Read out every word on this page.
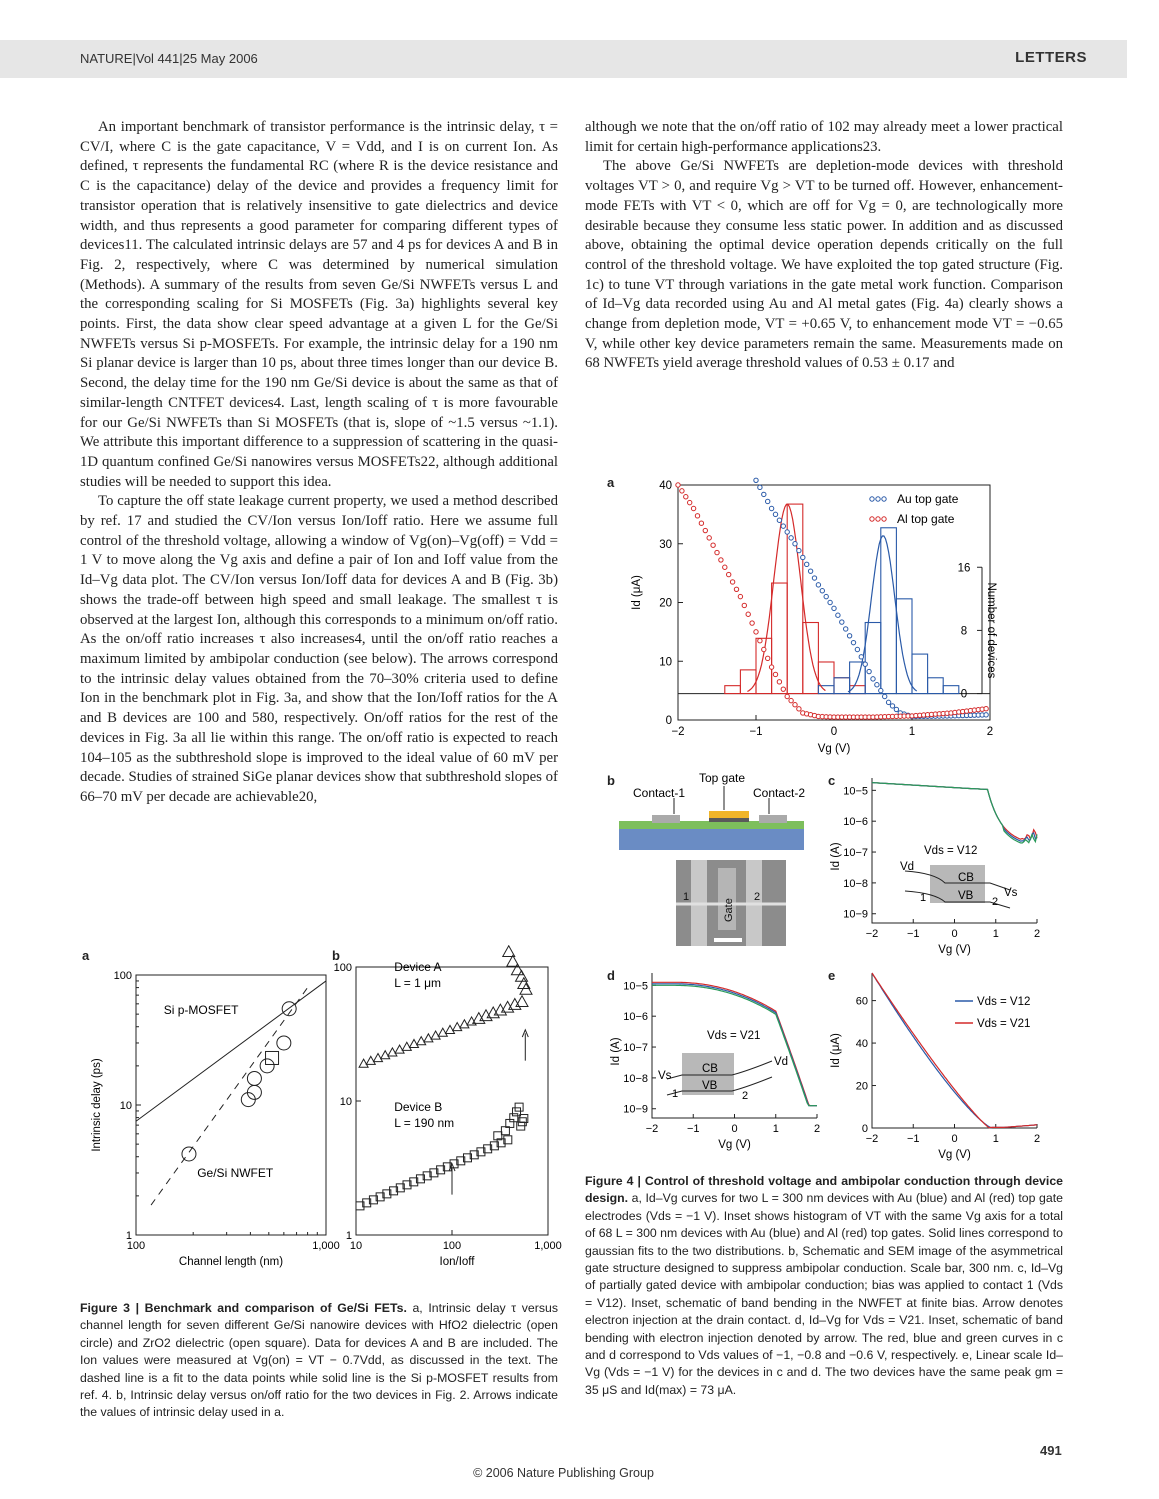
NATURE|Vol 441|25 May 2006	LETTERS

An important benchmark of transistor performance is the intrinsic delay, τ = CV/I, where C is the gate capacitance, V = Vdd, and I is on current Ion. As defined, τ represents the fundamental RC (where R is the device resistance and C is the capacitance) delay of the device and provides a frequency limit for transistor operation that is relatively insensitive to gate dielectrics and device width, and thus represents a good parameter for comparing different types of devices11. The calculated intrinsic delays are 57 and 4 ps for devices A and B in Fig. 2, respectively, where C was determined by numerical simulation (Methods). A summary of the results from seven Ge/Si NWFETs versus L and the corresponding scaling for Si MOSFETs (Fig. 3a) highlights several key points. First, the data show clear speed advantage at a given L for the Ge/Si NWFETs versus Si p-MOSFETs. For example, the intrinsic delay for a 190 nm Si planar device is larger than 10 ps, about three times longer than our device B. Second, the delay time for the 190 nm Ge/Si device is about the same as that of similar-length CNTFET devices4. Last, length scaling of τ is more favourable for our Ge/Si NWFETs than Si MOSFETs (that is, slope of ~1.5 versus ~1.1). We attribute this important difference to a suppression of scattering in the quasi-1D quantum confined Ge/Si nanowires versus MOSFETs22, although additional studies will be needed to support this idea.

To capture the off state leakage current property, we used a method described by ref. 17 and studied the CV/Ion versus Ion/Ioff ratio. Here we assume full control of the threshold voltage, allowing a window of Vg(on)–Vg(off) = Vdd = 1 V to move along the Vg axis and define a pair of Ion and Ioff value from the Id–Vg data plot. The CV/Ion versus Ion/Ioff data for devices A and B (Fig. 3b) shows the trade-off between high speed and small leakage. The smallest τ is observed at the largest Ion, although this corresponds to a minimum on/off ratio. As the on/off ratio increases τ also increases4, until the on/off ratio reaches a maximum limited by ambipolar conduction (see below). The arrows correspond to the intrinsic delay values obtained from the 70–30% criteria used to define Ion in the benchmark plot in Fig. 3a, and show that the Ion/Ioff ratios for the A and B devices are 100 and 580, respectively. On/off ratios for the rest of the devices in Fig. 3a all lie within this range. The on/off ratio is expected to reach 104–105 as the subthreshold slope is improved to the ideal value of 60 mV per decade. Studies of strained SiGe planar devices show that subthreshold slopes of 66–70 mV per decade are achievable20,

although we note that the on/off ratio of 102 may already meet a lower practical limit for certain high-performance applications23.

The above Ge/Si NWFETs are depletion-mode devices with threshold voltages VT > 0, and require Vg > VT to be turned off. However, enhancement-mode FETs with VT < 0, which are off for Vg = 0, are technologically more desirable because they consume less static power. In addition and as discussed above, obtaining the optimal device operation depends critically on the full control of the threshold voltage. We have exploited the top gated structure (Fig. 1c) to tune VT through variations in the gate metal work function. Comparison of Id–Vg data recorded using Au and Al metal gates (Fig. 4a) clearly shows a change from depletion mode, VT = +0.65 V, to enhancement mode VT = −0.65 V, while other key device parameters remain the same. Measurements made on 68 NWFETs yield average threshold values of 0.53 ± 0.17 and

a	b
1
10
100
100	1,000
Channel length (nm)
Intrinsic delay (ps)
Si p-MOSFET
Ge/Si NWFET
1
10
100
10	100	1,000
Ion/Ioff
Device A
L = 1 μm
Device B
L = 190 nm
Figure 3 | Benchmark and comparison of Ge/Si FETs. a, Intrinsic delay τ versus channel length for seven different Ge/Si nanowire devices with HfO2 dielectric (open circle) and ZrO2 dielectric (open square). Data for devices A and B are included. The Ion values were measured at Vg(on) = VT − 0.7Vdd, as discussed in the text. The dashed line is a fit to the data points while solid line is the Si p-MOSFET results from ref. 4. b, Intrinsic delay versus on/off ratio for the two devices in Fig. 2. Arrows indicate the values of intrinsic delay used in a.
a
b	c
d	e
0
10
20
30
40
−2	−1	0	1	2
Vg (V)
Id (μA)
0
8
16
Number of devices
Au top gate
Al top gate
Top gate
Contact-1	Contact-2
1	2
Gate	10−9
10−8
10−7
10−6
10−5
−2	−1	0	1	2
Vg (V)
Id (A)	Vds = V12
CB
VB
Vd
1	2
Vs
10−9
10−8
10−7
10−6
10−5
−2	−1	0	1	2
Vg (V)
Id (A)
Vds = V21
CB
VB
Vd
1	2
Vs
0
20
40
60
−2	−1	0	1	2
Vg (V)
Id (μA)
Vds = V12
Vds = V21
Figure 4 | Control of threshold voltage and ambipolar conduction through device design. a, Id–Vg curves for two L = 300 nm devices with Au (blue) and Al (red) top gate electrodes (Vds = −1 V). Inset shows histogram of VT with the same Vg axis for a total of 68 L = 300 nm devices with Au (blue) and Al (red) top gates. Solid lines correspond to gaussian fits to the two distributions. b, Schematic and SEM image of the asymmetrical gate structure designed to suppress ambipolar conduction. Scale bar, 300 nm. c, Id–Vg of partially gated device with ambipolar conduction; bias was applied to contact 1 (Vds = V12). Inset, schematic of band bending in the NWFET at finite bias. Arrow denotes electron injection at the drain contact. d, Id–Vg for Vds = V21. Inset, schematic of band bending with electron injection denoted by arrow. The red, blue and green curves in c and d correspond to Vds values of −1, −0.8 and −0.6 V, respectively. e, Linear scale Id–Vg (Vds = −1 V) for the devices in c and d. The two devices have the same peak gm = 35 μS and Id(max) = 73 μA.
491
© 2006 Nature Publishing Group
